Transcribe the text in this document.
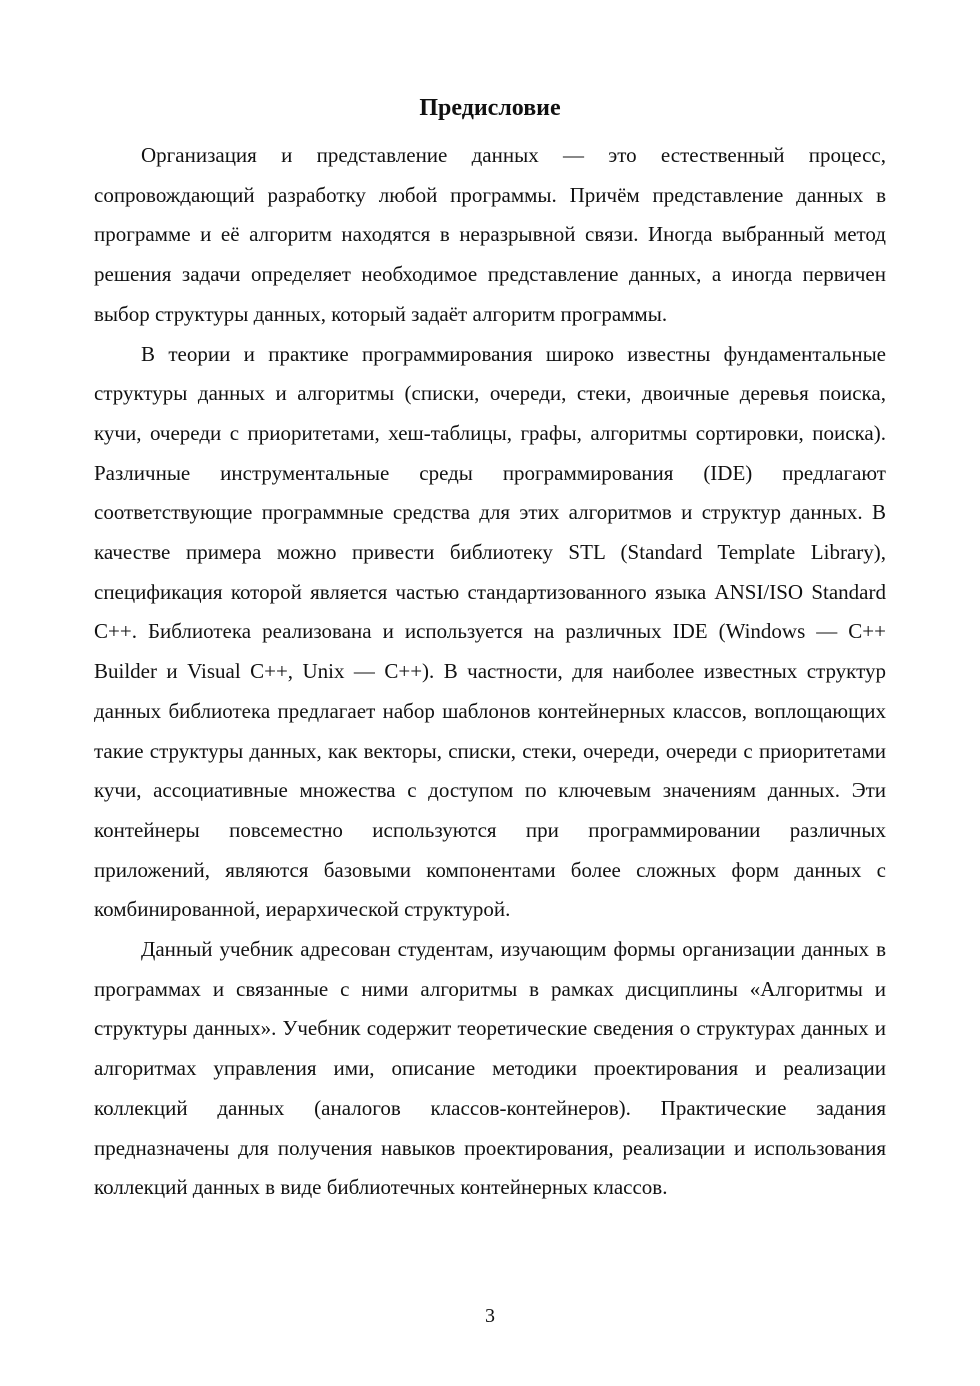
Предисловие

Организация и представление данных — это естественный процесс, сопровождающий разработку любой программы. Причём представление данных в программе и её алгоритм находятся в неразрывной связи. Иногда выбранный метод решения задачи определяет необходимое представление данных, а иногда первичен выбор структуры данных, который задаёт алгоритм программы.

В теории и практике программирования широко известны фундаментальные структуры данных и алгоритмы (списки, очереди, стеки, двоичные деревья поиска, кучи, очереди с приоритетами, хеш-таблицы, графы, алгоритмы сортировки, поиска). Различные инструментальные среды программирования (IDE) предлагают соответствующие программные средства для этих алгоритмов и структур данных. В качестве примера можно привести библиотеку STL (Standard Template Library), спецификация которой является частью стандартизованного языка ANSI/ISO Standard C++. Библиотека реализована и используется на различных IDE (Windows — C++ Builder и Visual C++, Unix — C++). В частности, для наиболее известных структур данных библиотека предлагает набор шаблонов контейнерных классов, воплощающих такие структуры данных, как векторы, списки, стеки, очереди, очереди с приоритетами кучи, ассоциативные множества с доступом по ключевым значениям данных. Эти контейнеры повсеместно используются при программировании различных приложений, являются базовыми компонентами более сложных форм данных с комбинированной, иерархической структурой.

Данный учебник адресован студентам, изучающим формы организации данных в программах и связанные с ними алгоритмы в рамках дисциплины «Алгоритмы и структуры данных». Учебник содержит теоретические сведения о структурах данных и алгоритмах управления ими, описание методики проектирования и реализации коллекций данных (аналогов классов-контейнеров). Практические задания предназначены для получения навыков проектирования, реализации и использования коллекций данных в виде библиотечных контейнерных классов.

3
